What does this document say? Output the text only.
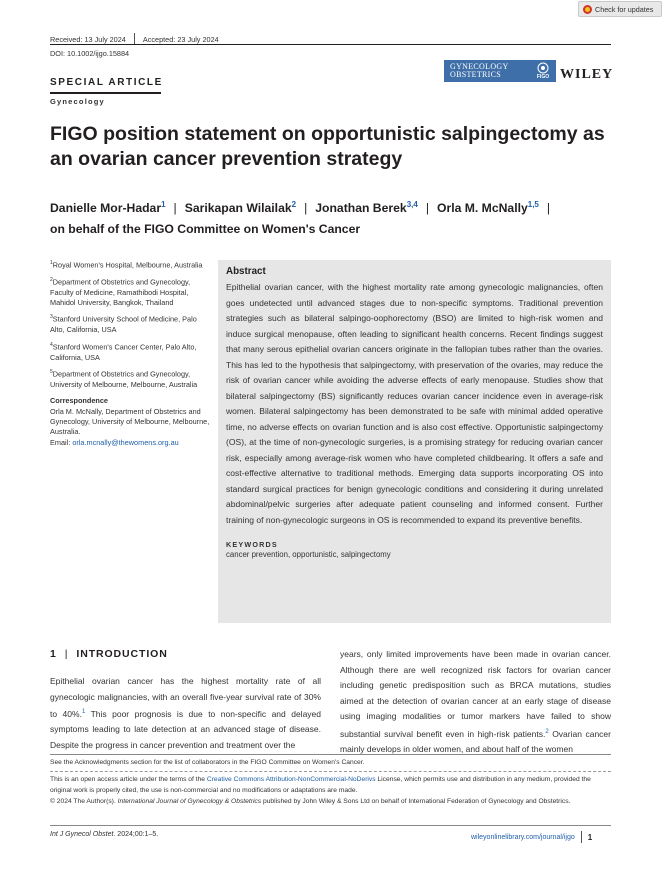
Check for updates
Received: 13 July 2024 Accepted: 23 July 2024
DOI: 10.1002/ijgo.15884
SPECIAL ARTICLE
Gynecology
GYNECOLOGY
OBSTETRICS	FIGO WILEY
FIGO position statement on opportunistic salpingectomy as an ovarian cancer prevention strategy
Danielle Mor-Hadar$^1$ | Sarikapan Wilailak$^2$ | Jonathan Berek$^{3,4}$ | Orla M. McNally$^{1,5}$ |
on behalf of the FIGO Committee on Women's Cancer

$^1$Royal Women's Hospital, Melbourne, Australia

$^2$Department of Obstetrics and Gynecology, Faculty of Medicine, Ramathibodi Hospital, Mahidol University, Bangkok, Thailand

$^3$Stanford University School of Medicine, Palo Alto, California, USA

$^4$Stanford Women's Cancer Center, Palo Alto, California, USA

$^5$Department of Obstetrics and Gynecology, University of Melbourne, Melbourne, Australia

Correspondence
Orla M. McNally, Department of Obstetrics and Gynecology, University of Melbourne, Melbourne, Australia.
Email: orla.mcnally@thewomens.org.au
Abstract
Epithelial ovarian cancer, with the highest mortality rate among gynecologic malignancies, often goes undetected until advanced stages due to non-specific symptoms. Traditional prevention strategies such as bilateral salpingo-oophorectomy (BSO) are limited to high-risk women and induce surgical menopause, often leading to significant health concerns. Recent findings suggest that many serous epithelial ovarian cancers originate in the fallopian tubes rather than the ovaries. This has led to the hypothesis that salpingectomy, with preservation of the ovaries, may reduce the risk of ovarian cancer while avoiding the adverse effects of early menopause. Studies show that bilateral salpingectomy (BS) significantly reduces ovarian cancer incidence even in average-risk women. Bilateral salpingectomy has been demonstrated to be safe with minimal added operative time, no adverse effects on ovarian function and is also cost effective. Opportunistic salpingectomy (OS), at the time of non-gynecologic surgeries, is a promising strategy for reducing ovarian cancer risk, especially among average-risk women who have completed childbearing. It offers a safe and cost-effective alternative to traditional methods. Emerging data supports incorporating OS into standard surgical practices for benign gynecologic conditions and considering it during unrelated abdominal/pelvic surgeries after adequate patient counseling and informed consent. Further training of non-gynecologic surgeons in OS is recommended to expand its preventive benefits.
KEYWORDS
cancer prevention, opportunistic, salpingectomy
1 | INTRODUCTION
Epithelial ovarian cancer has the highest mortality rate of all gynecologic malignancies, with an overall five-year survival rate of 30% to 40%.$^1$ This poor prognosis is due to non-specific and delayed symptoms leading to late detection at an advanced stage of disease. Despite the progress in cancer prevention and treatment over the
years, only limited improvements have been made in ovarian cancer. Although there are well recognized risk factors for ovarian cancer including genetic predisposition such as BRCA mutations, studies aimed at the detection of ovarian cancer at an early stage of disease using imaging modalities or tumor markers have failed to show substantial survival benefit even in high-risk patients.$^2$ Ovarian cancer mainly develops in older women, and about half of the women
See the Acknowledgments section for the list of collaborators in the FIGO Committee on Women's Cancer.
This is an open access article under the terms of the Creative Commons Attribution-NonCommercial-NoDerivs License, which permits use and distribution in any medium, provided the original work is properly cited, the use is non-commercial and no modifications or adaptations are made.
© 2024 The Author(s). International Journal of Gynecology & Obstetrics published by John Wiley & Sons Ltd on behalf of International Federation of Gynecology and Obstetrics.
Int J Gynecol Obstet. 2024;00:1–5.	wileyonlinelibrary.com/journal/ijgo 1
